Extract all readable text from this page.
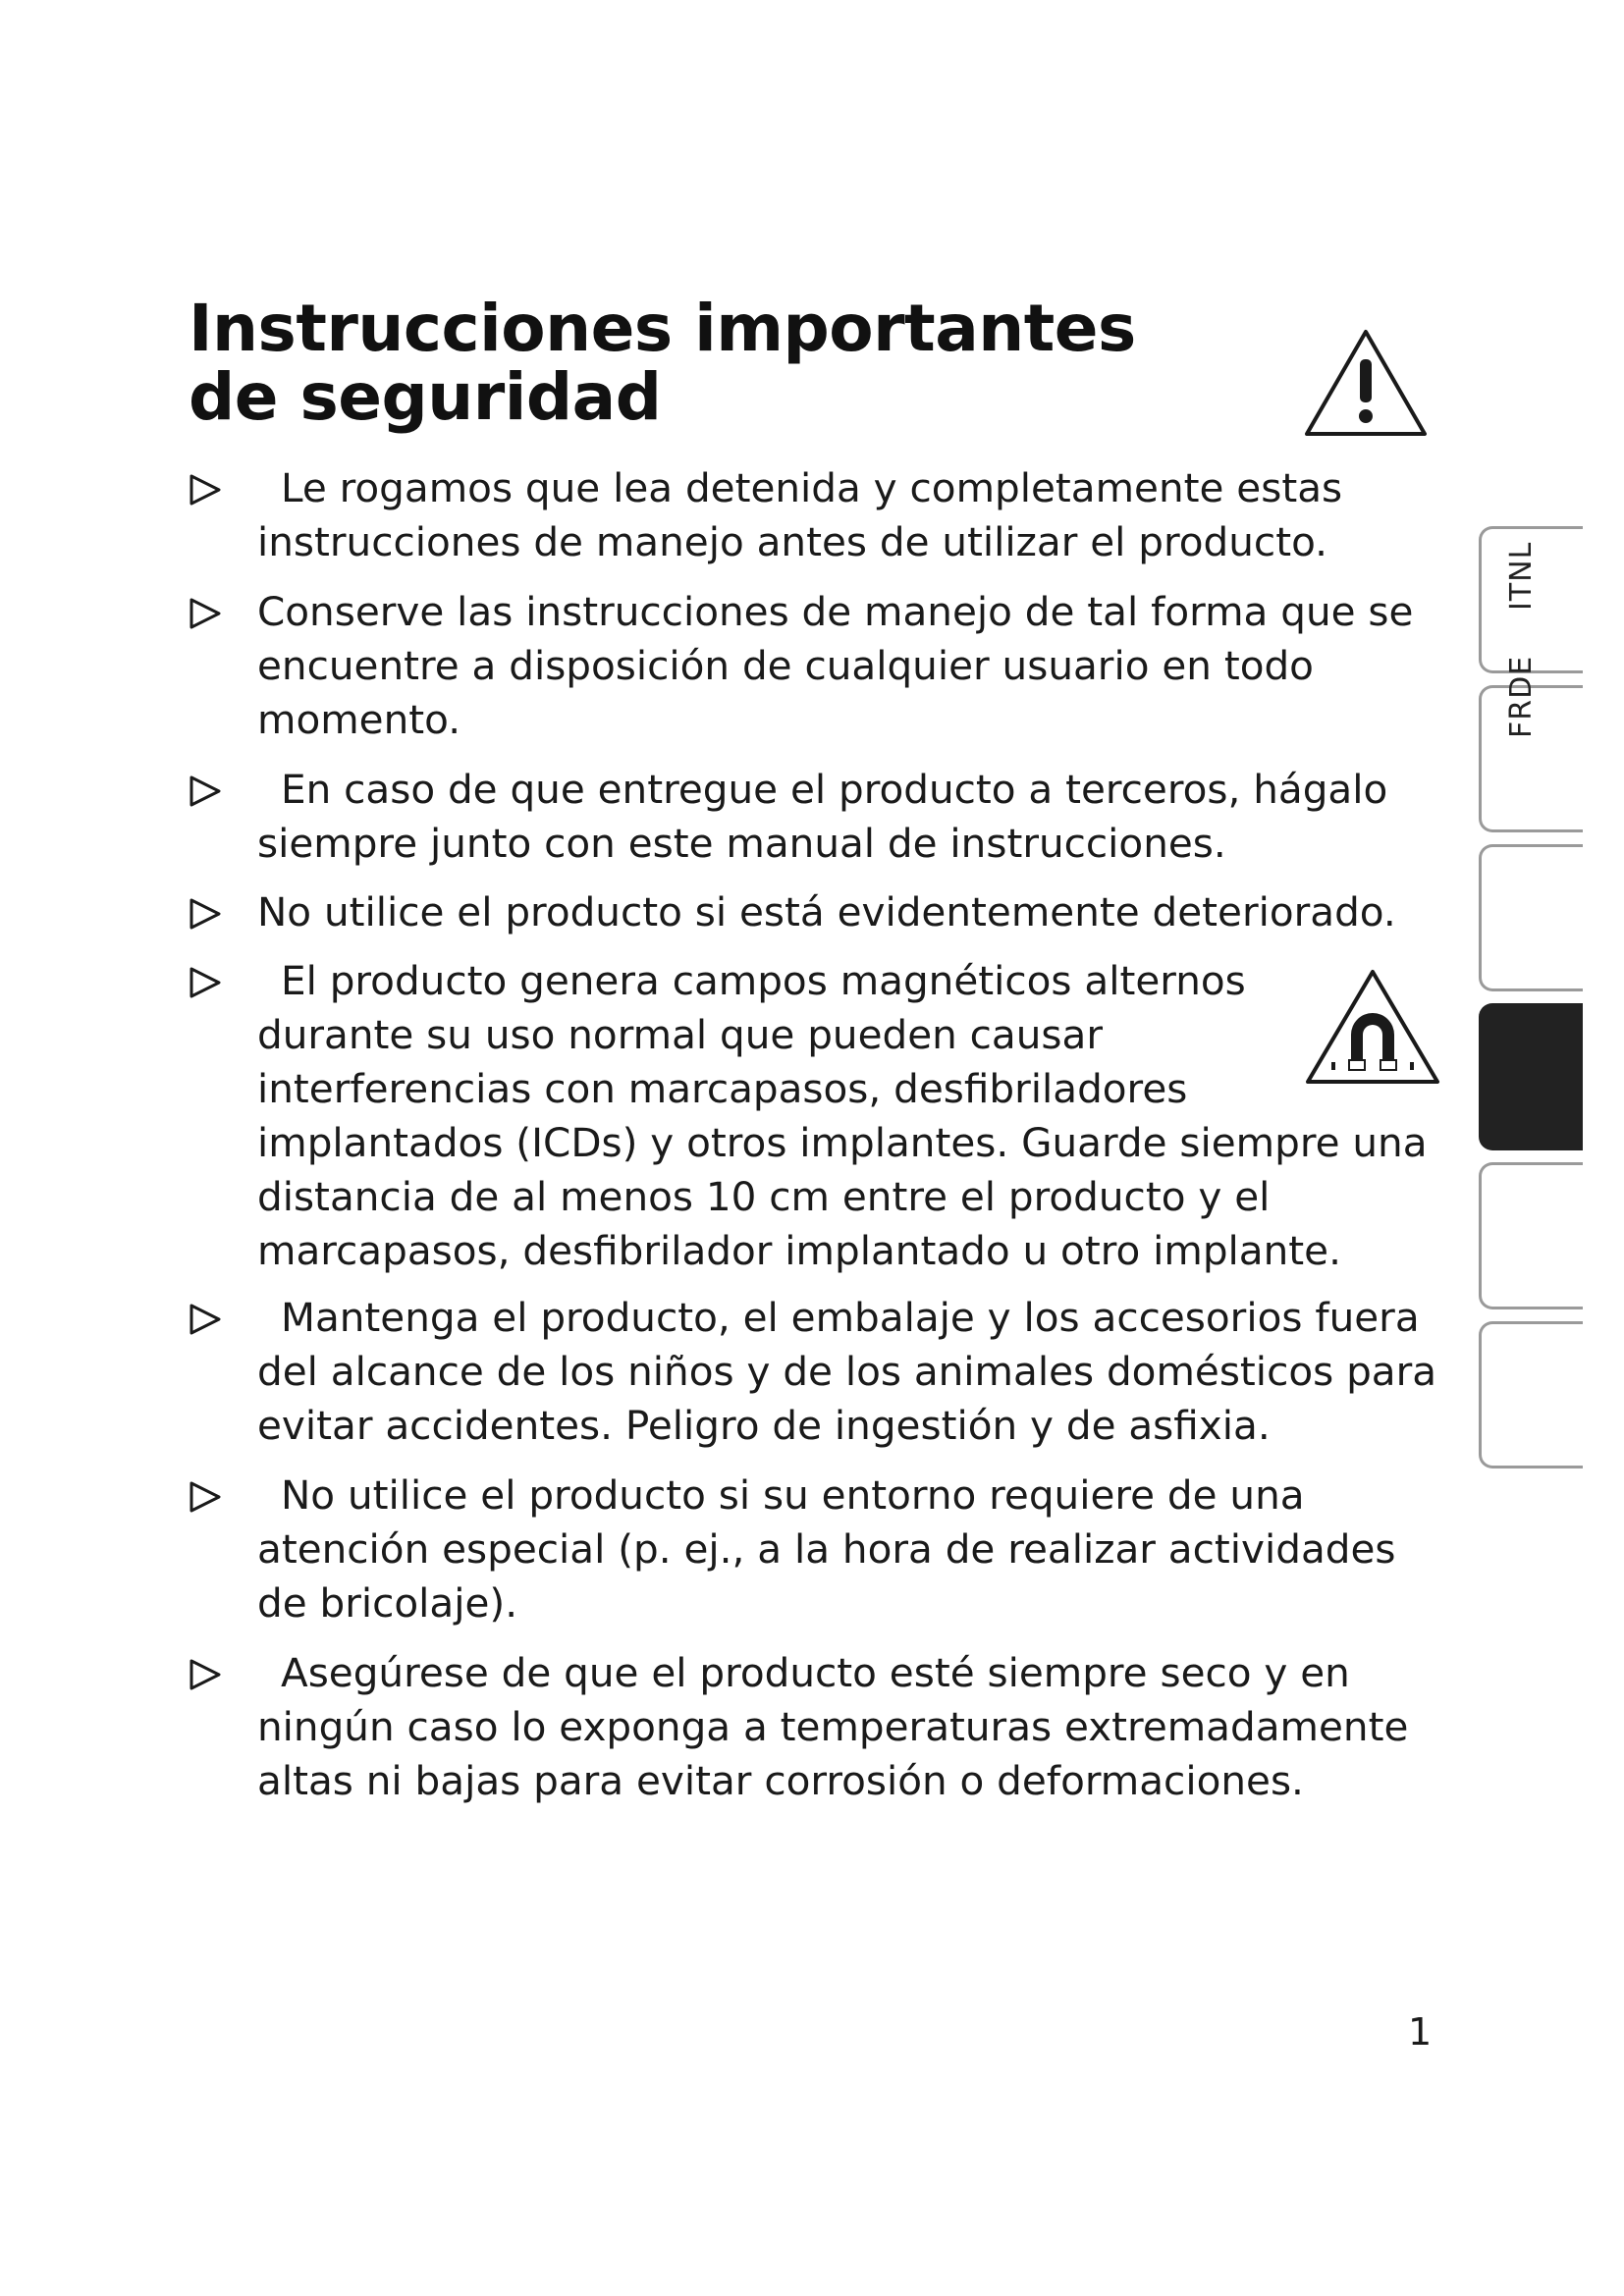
Instrucciones importantes de seguridad
Le rogamos que lea detenida y completamente estas instrucciones de manejo antes de utilizar el producto.
Conserve las instrucciones de manejo de tal forma que se encuentre a disposición de cualquier usuario en todo momento.
En caso de que entregue el producto a terceros, hágalo siempre junto con este manual de instrucciones.
No utilice el producto si está evidentemente deteriorado.
El producto genera campos magnéticos alternos durante su uso normal que pueden causar interferencias con marcapasos, desfibriladores implantados (ICDs) y otros implantes. Guarde siempre una distancia de al menos 10 cm entre el producto y el marcapasos, desfibrilador implantado u otro implante.
Mantenga el producto, el embalaje y los accesorios fuera del alcance de los niños y de los animales domésticos para evitar accidentes. Peligro de ingestión y de asfixia.
No utilice el producto si su entorno requiere de una atención especial (p. ej., a la hora de realizar actividades de bricolaje).
Asegúrese de que el producto esté siempre seco y en ningún caso lo exponga a temperaturas extremadamente altas ni bajas para evitar corrosión o deformaciones.
ITNL
FRDE
1
